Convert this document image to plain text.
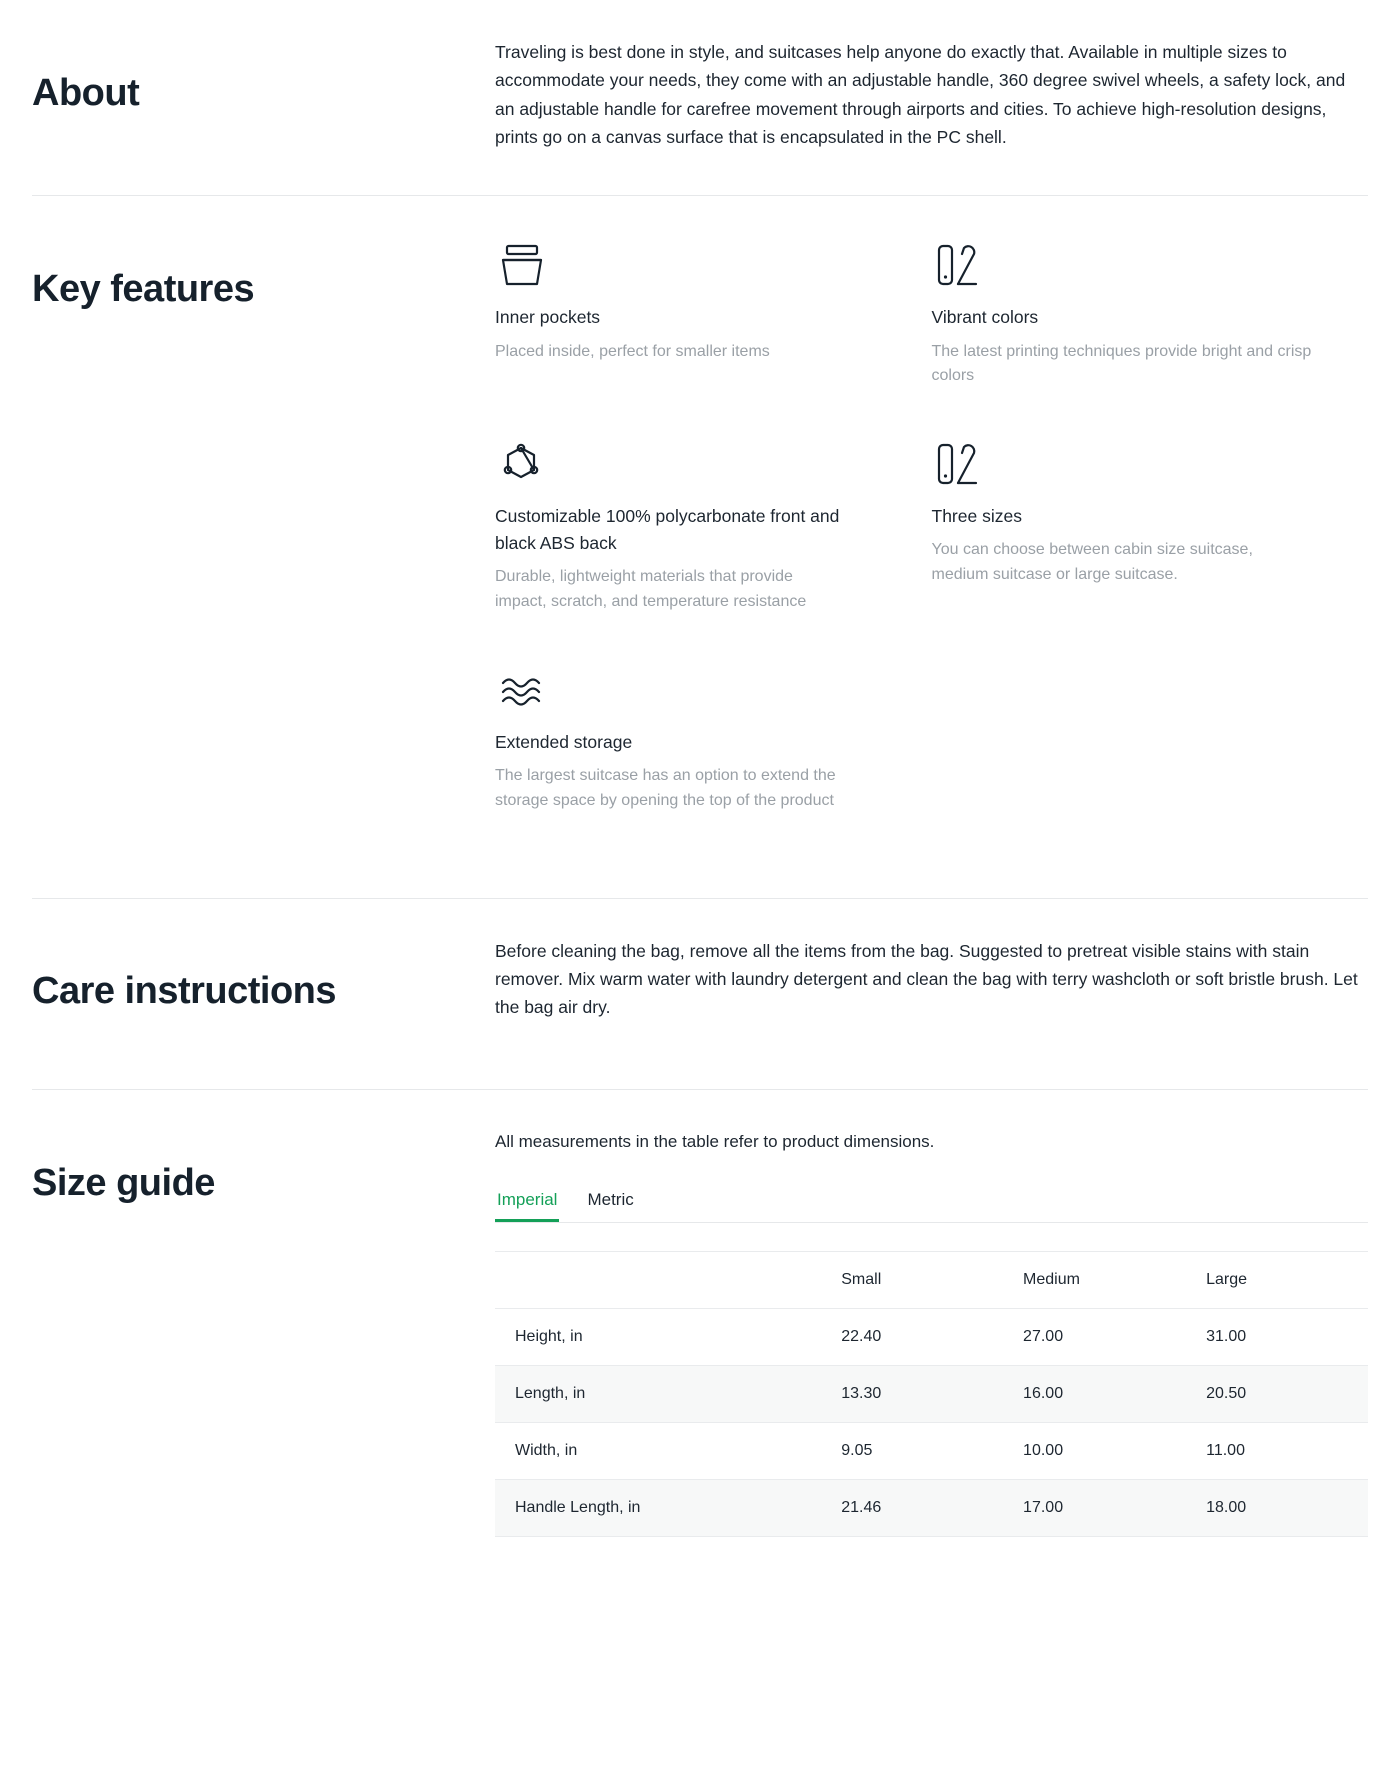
About

Traveling is best done in style, and suitcases help anyone do exactly that. Available in multiple sizes to accommodate your needs, they come with an adjustable handle, 360 degree swivel wheels, a safety lock, and an adjustable handle for carefree movement through airports and cities. To achieve high-resolution designs, prints go on a canvas surface that is encapsulated in the PC shell.

Key features

Inner pockets

Placed inside, perfect for smaller items

Vibrant colors

The latest printing techniques provide bright and crisp colors

Customizable 100% polycarbonate front and black ABS back

Durable, lightweight materials that provide impact, scratch, and temperature resistance

Three sizes

You can choose between cabin size suitcase, medium suitcase or large suitcase.

Extended storage

The largest suitcase has an option to extend the storage space by opening the top of the product

Care instructions

Before cleaning the bag, remove all the items from the bag. Suggested to pretreat visible stains with stain remover. Mix warm water with laundry detergent and clean the bag with terry washcloth or soft bristle brush. Let the bag air dry.

Size guide

All measurements in the table refer to product dimensions.

Imperial Metric
	Small	Medium	Large
Height, in	22.40	27.00	31.00
Length, in	13.30	16.00	20.50
Width, in	9.05	10.00	11.00
Handle Length, in	21.46	17.00	18.00
